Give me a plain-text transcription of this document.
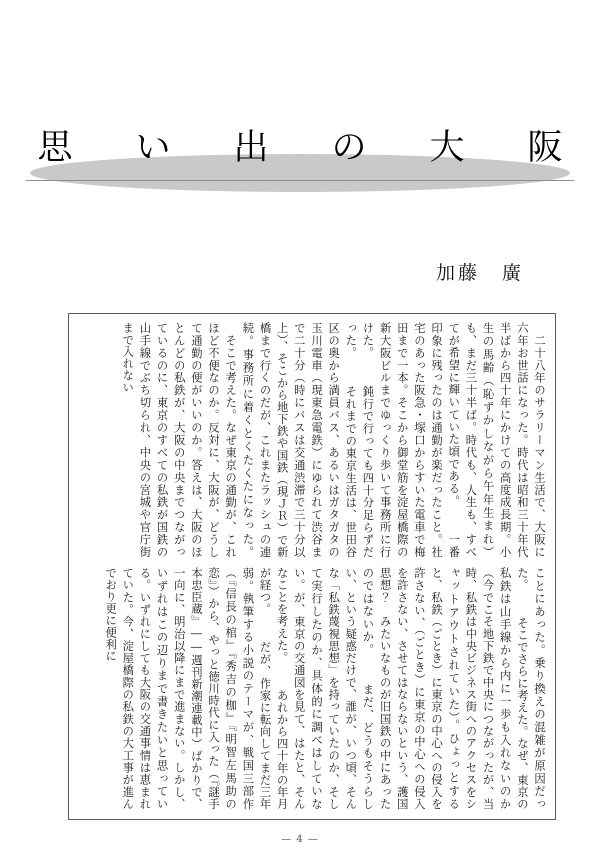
思　い　出　の　大　阪
加藤　廣
　二十八年のサラリーマン生活で、大阪に六年お世話になった。時代は昭和三十年代半ばから四十年にかけての高度成長期。小生の馬齢（恥ずかしながら午年生まれ）も、まだ三十半ば。時代も、人生も、すべてが希望に輝いていた頃である。 　一番印象に残ったのは通勤が楽だったこと。社宅のあった阪急・塚口からすいた電車で梅田まで一本。そこから御堂筋を淀屋橋際の新大阪ビルまでゆっくり歩いて事務所に行けた。 　鈍行で行っても四十分足らずだった。 　それまでの東京生活は、世田谷区の奥から満員バス、あるいはガタガタの玉川電車（現東急電鉄）にゆられて渋谷まで二十分（時にバスは交通渋滞で三十分以上）、そこから地下鉄や国鉄（現ＪＲ）で新橋まで行くのだが、これまたラッシュの連続。事務所に着くとくたくたになった。 　そこで考えた。なぜ東京の通勤が、これほど不便なのか。反対に、大阪が、どうして通勤の便がいいのか。答えは、大阪のほとんどの私鉄が、大阪の中央までつながっているのに、東京のすべての私鉄が国鉄の山手線でぶち切られ、中央の宮城や官庁街まで入れない
ことにあった。乗り換えの混雑が原因だった。 　そこでさらに考えた。なぜ、東京の私鉄は山手線から内に一歩も入れないのか（今でこそ地下鉄で中央につながったが、当時、私鉄は中央ビジネス街へのアクセスをシャットアウトされていた）。ひょっとすると、私鉄（ごとき）に東京の中心への侵入を許さない、（ごとき）に東京の中心への侵入を許さない、させてはならないという、護国思想？　みたいなものが旧国鉄の中にあったのではないか。 　まだ、どうもそうらしい、という疑惑だけで、誰が、いつ頃、そんな「私鉄蔑視思想」を持っていたのか、そして実行したのか、具体的に調べはしていない。が、東京の交通図を見て、はたと、そんなことを考えた。 　あれから四十年の年月が経つ。 　だが、作家に転向してまだ三年弱。執筆する小説のテーマが、戦国三部作（『信長の棺』『秀吉の枷』『明智左馬助の恋』）から、やっと徳川時代に入った（『謎手本忠臣蔵』――週刊新潮連載中）ばかりで、一向に、明治以降にまで進まない。しかし、いずれはこの辺りまで書きたいと思っている。いずれにしても大阪の交通事情は恵まれていた。今、淀屋橋際の私鉄の大工事が進んでおり更に便利に
— 4 —
